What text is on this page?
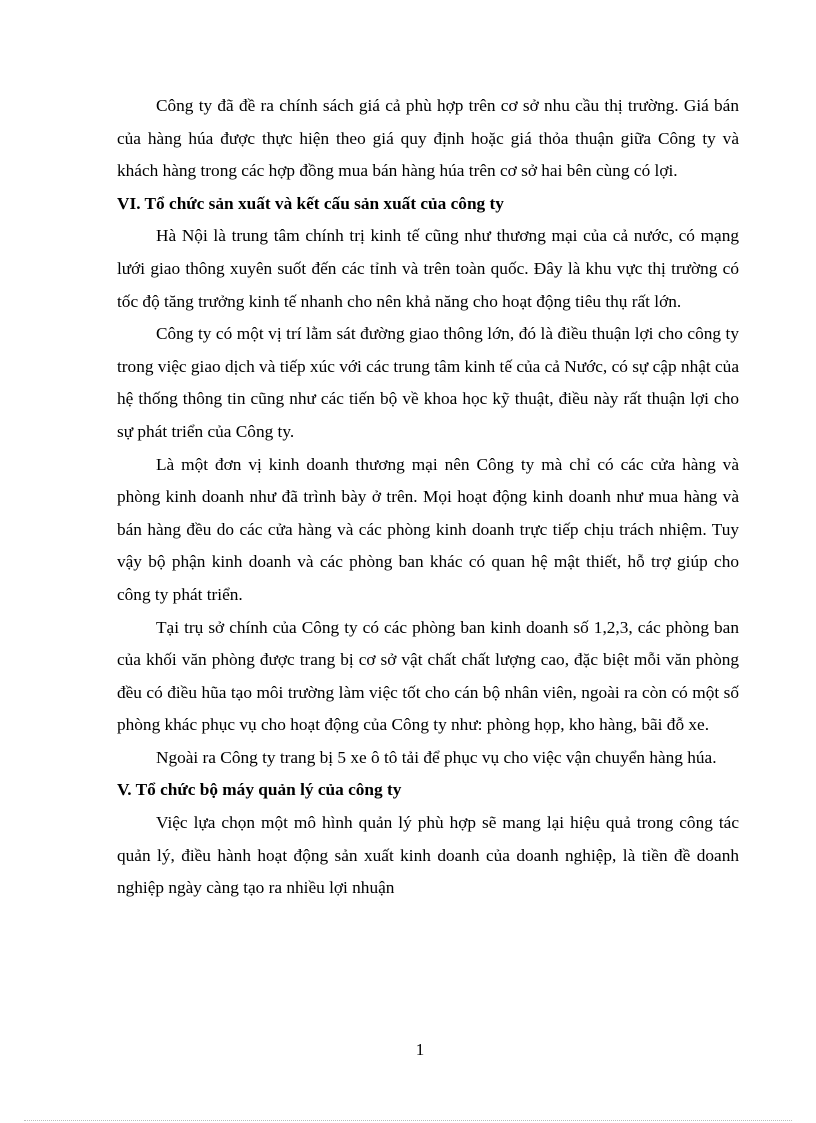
Công ty đã đề ra chính sách giá cả phù hợp trên cơ sở nhu cầu thị trường. Giá bán của hàng húa được thực hiện theo giá quy định hoặc giá thỏa thuận giữa Công ty và khách hàng trong các hợp đồng mua bán hàng húa trên cơ sở hai bên cùng có lợi.

VI. Tổ chức sản xuất và kết cấu sản xuất của công ty

Hà Nội là trung tâm chính trị kinh tế cũng như thương mại của cả nước, có mạng lưới giao thông xuyên suốt đến các tỉnh và trên toàn quốc. Đây là khu vực thị trường có tốc độ tăng trưởng kinh tế nhanh cho nên khả năng cho hoạt động tiêu thụ rất lớn.

Công ty có một vị trí lằm sát đường giao thông lớn, đó là điều thuận lợi cho công ty trong việc giao dịch và tiếp xúc với các trung tâm kinh tế của cả Nước, có sự cập nhật của hệ thống thông tin cũng như các tiến bộ về khoa học kỹ thuật, điều này rất thuận lợi cho sự phát triển của Công ty.

Là một đơn vị kinh doanh thương mại nên Công ty mà chỉ có các cửa hàng và phòng kinh doanh như đã trình bày ở trên. Mọi hoạt động kinh doanh như mua hàng và bán hàng đều do các cửa hàng và các phòng kinh doanh trực tiếp chịu trách nhiệm. Tuy vậy bộ phận kinh doanh và các phòng ban khác có quan hệ mật thiết, hỗ trợ giúp cho công ty phát triển.

Tại trụ sở chính của Công ty có các phòng ban kinh doanh số 1,2,3, các phòng ban của khối văn phòng được trang bị cơ sở vật chất chất lượng cao, đặc biệt mỗi văn phòng đều có điều hũa tạo môi trường làm việc tốt cho cán bộ nhân viên, ngoài ra còn có một số phòng khác phục vụ cho hoạt động của Công ty như: phòng họp, kho hàng, bãi đỗ xe.

Ngoài ra Công ty trang bị 5 xe ô tô tải để phục vụ cho việc vận chuyển hàng húa.

V. Tổ chức bộ máy quản lý của công ty

Việc lựa chọn một mô hình quản lý phù hợp sẽ mang lại hiệu quả trong công tác quản lý, điều hành hoạt động sản xuất kinh doanh của doanh nghiệp, là tiền đề doanh nghiệp ngày càng tạo ra nhiều lợi nhuận

1
